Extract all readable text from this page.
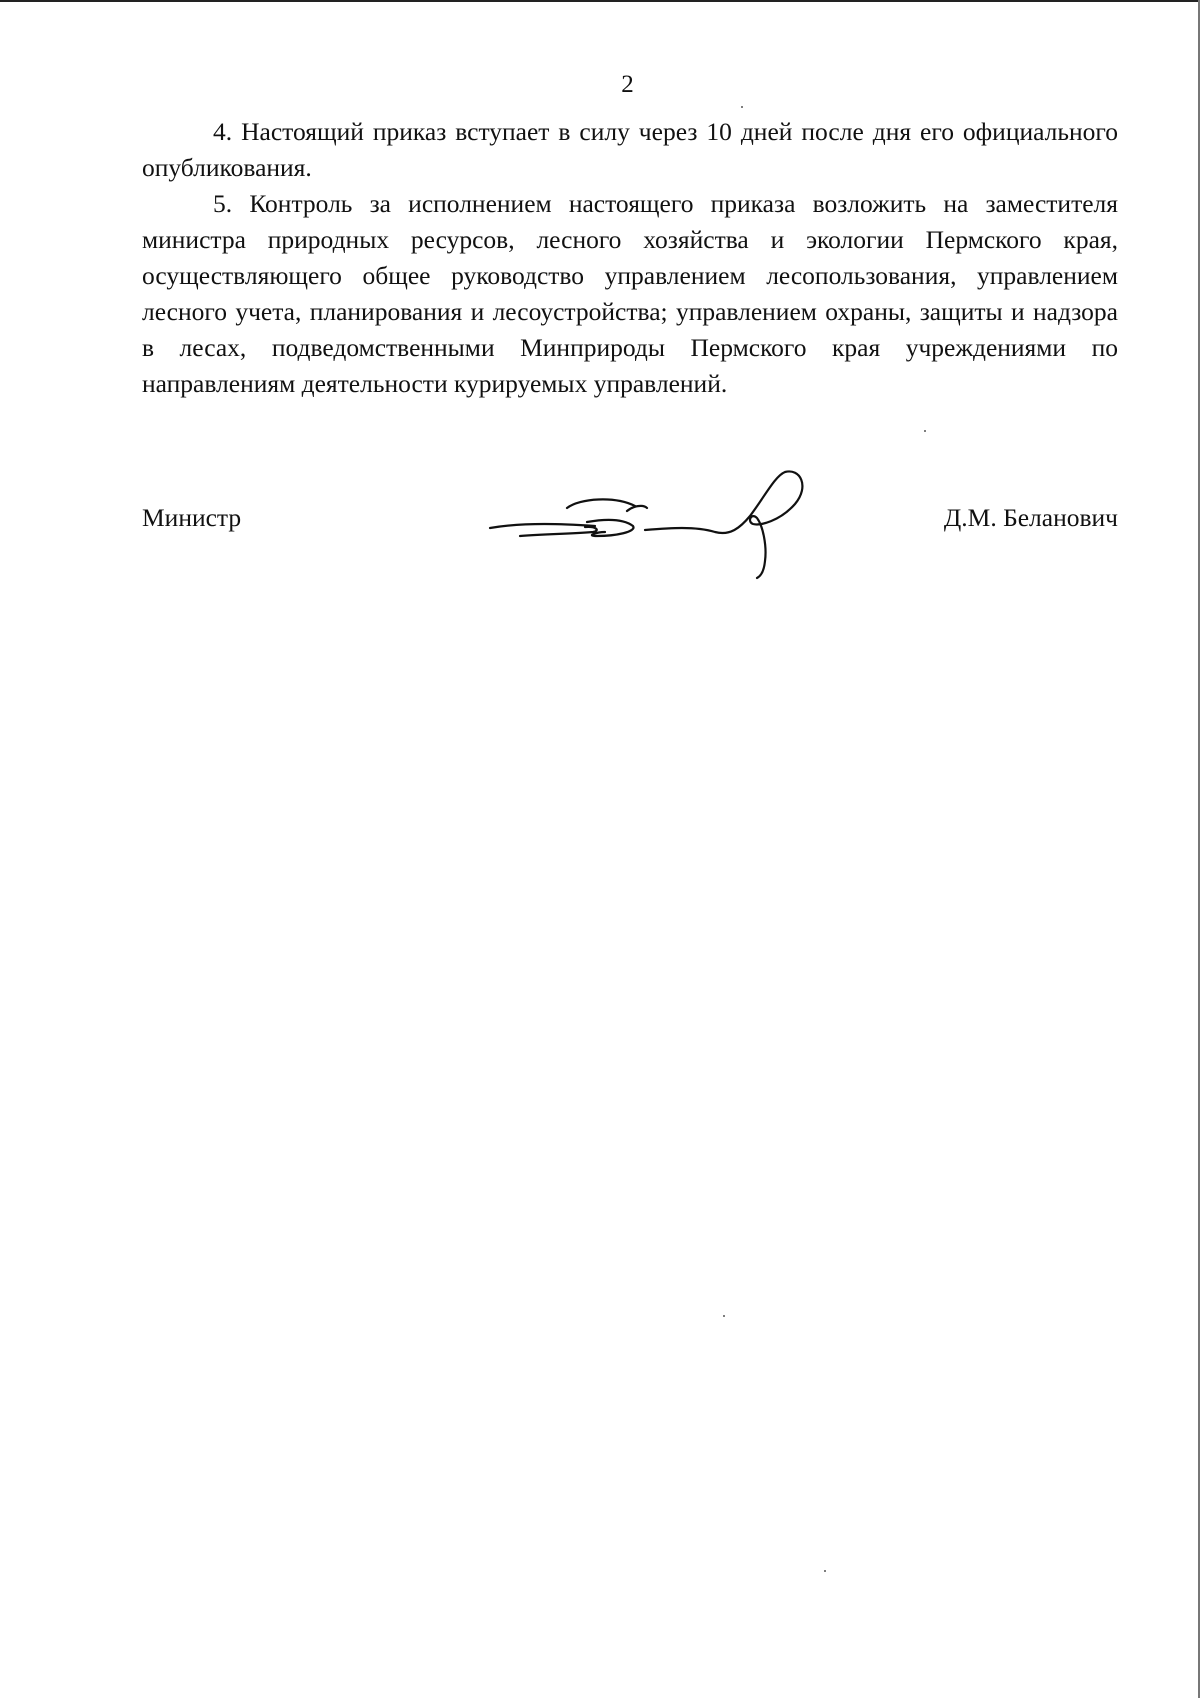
2

4. Настоящий приказ вступает в силу через 10 дней после дня его официального опубликования.

5. Контроль за исполнением настоящего приказа возложить на заместителя министра природных ресурсов, лесного хозяйства и экологии Пермского края, осуществляющего общее руководство управлением лесопользования, управлением лесного учета, планирования и лесоустройства; управлением охраны, защиты и надзора в лесах, подведомственными Минприроды Пермского края учреждениями по направлениям деятельности курируемых управлений.

Министр	Д.М. Беланович
